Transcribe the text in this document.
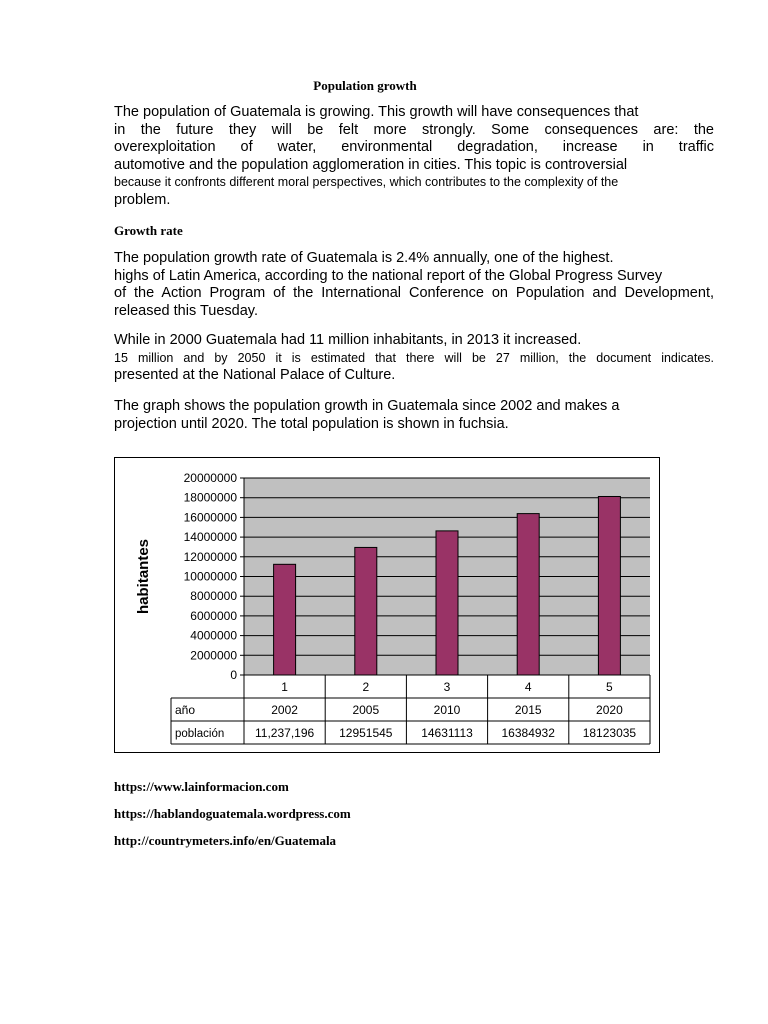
Population growth
The population of Guatemala is growing. This growth will have consequences that
in the future they will be felt more strongly. Some consequences are: the
overexploitation of water, environmental degradation, increase in traffic
automotive and the population agglomeration in cities. This topic is controversial
because it confronts different moral perspectives, which contributes to the complexity of the
problem.
Growth rate
The population growth rate of Guatemala is 2.4% annually, one of the highest.
highs of Latin America, according to the national report of the Global Progress Survey
of the Action Program of the International Conference on Population and Development,
released this Tuesday.
While in 2000 Guatemala had 11 million inhabitants, in 2013 it increased.
15 million and by 2050 it is estimated that there will be 27 million, the document indicates.
presented at the National Palace of Culture.
The graph shows the population growth in Guatemala since 2002 and makes a
projection until 2020. The total population is shown in fuchsia.
0
2000000
4000000
6000000
8000000
10000000
12000000
14000000
16000000
18000000
20000000
habitantes
1
2002
11,237,196
2
2005
12951545
3
2010
14631113
4
2015
16384932
5
2020
18123035
año
población
https://www.lainformacion.com
https://hablandoguatemala.wordpress.com
http://countrymeters.info/en/Guatemala
